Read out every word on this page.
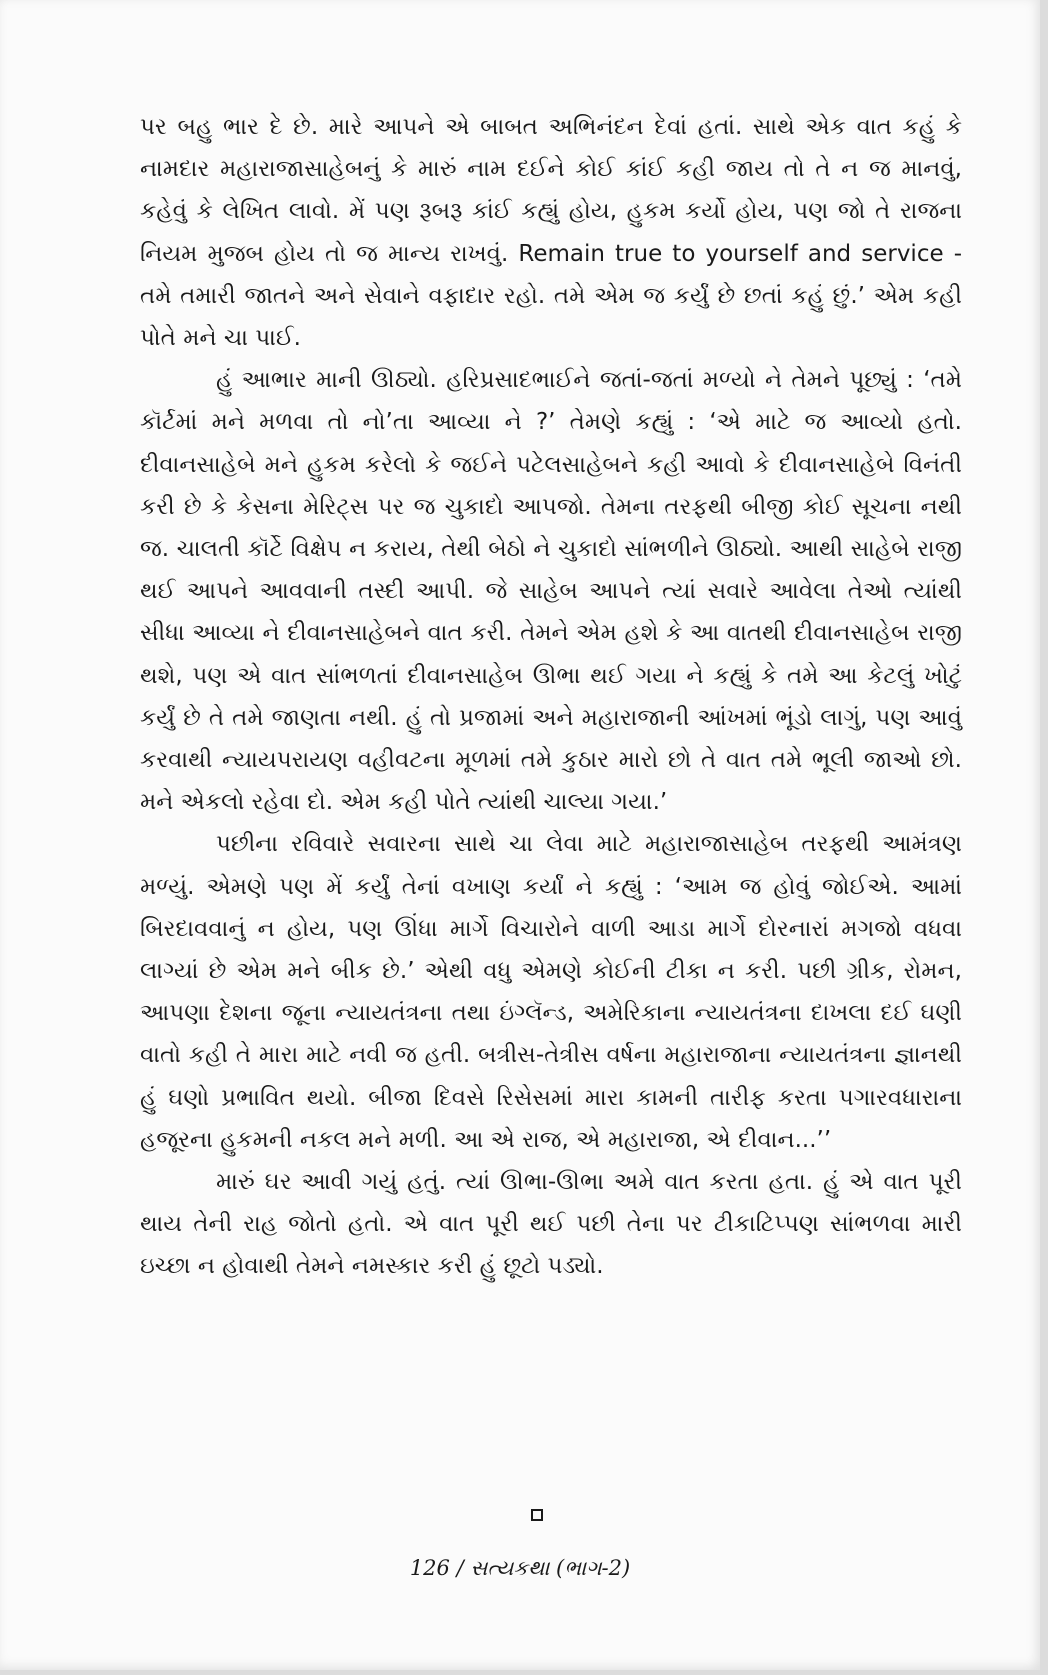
પર બહુ ભાર દે છે. મારે આપને એ બાબત અભિનંદન દેવાં હતાં. સાથે એક વાત કહું કે નામદાર મહારાજાસાહેબનું કે મારું નામ દઈને કોઈ કાંઈ કહી જાય તો તે ન જ માનવું, કહેવું કે લેખિત લાવો. મેં પણ રૂબરૂ કાંઈ કહ્યું હોય, હુકમ કર્યો હોય, પણ જો તે રાજના નિયમ મુજબ હોય તો જ માન્ય રાખવું. Remain true to yourself and service - તમે તમારી જાતને અને સેવાને વફાદાર રહો. તમે એમ જ કર્યું છે છતાં કહું છું.’ એમ કહી પોતે મને ચા પાઈ.

હું આભાર માની ઊઠ્યો. હરિપ્રસાદભાઈને જતાં-જતાં મળ્યો ને તેમને પૂછ્યું : ‘તમે કૉર્ટમાં મને મળવા તો નો’તા આવ્યા ને ?’ તેમણે કહ્યું : ‘એ માટે જ આવ્યો હતો. દીવાનસાહેબે મને હુકમ કરેલો કે જઈને પટેલસાહેબને કહી આવો કે દીવાનસાહેબે વિનંતી કરી છે કે કેસના મેરિટ્સ પર જ ચુકાદો આપજો. તેમના તરફથી બીજી કોઈ સૂચના નથી જ. ચાલતી કૉર્ટે વિક્ષેપ ન કરાય, તેથી બેઠો ને ચુકાદો સાંભળીને ઊઠ્યો. આથી સાહેબે રાજી થઈ આપને આવવાની તસ્દી આપી. જે સાહેબ આપને ત્યાં સવારે આવેલા તેઓ ત્યાંથી સીધા આવ્યા ને દીવાનસાહેબને વાત કરી. તેમને એમ હશે કે આ વાતથી દીવાનસાહેબ રાજી થશે, પણ એ વાત સાંભળતાં દીવાનસાહેબ ઊભા થઈ ગયા ને કહ્યું કે તમે આ કેટલું ખોટું કર્યું છે તે તમે જાણતા નથી. હું તો પ્રજામાં અને મહારાજાની આંખમાં ભૂંડો લાગું, પણ આવું કરવાથી ન્યાયપરાયણ વહીવટના મૂળમાં તમે કુઠાર મારો છો તે વાત તમે ભૂલી જાઓ છો. મને એકલો રહેવા દો. એમ કહી પોતે ત્યાંથી ચાલ્યા ગયા.’

પછીના રવિવારે સવારના સાથે ચા લેવા માટે મહારાજાસાહેબ તરફથી આમંત્રણ મળ્યું. એમણે પણ મેં કર્યું તેનાં વખાણ કર્યાં ને કહ્યું : ‘આમ જ હોવું જોઈએ. આમાં બિરદાવવાનું ન હોય, પણ ઊંધા માર્ગે વિચારોને વાળી આડા માર્ગે દોરનારાં મગજો વધવા લાગ્યાં છે એમ મને બીક છે.’ એથી વધુ એમણે કોઈની ટીકા ન કરી. પછી ગ્રીક, રોમન, આપણા દેશના જૂના ન્યાયતંત્રના તથા ઇંગ્લૅન્ડ, અમેરિકાના ન્યાયતંત્રના દાખલા દઈ ઘણી વાતો કહી તે મારા માટે નવી જ હતી. બત્રીસ-તેત્રીસ વર્ષના મહારાજાના ન્યાયતંત્રના જ્ઞાનથી હું ઘણો પ્રભાવિત થયો. બીજા દિવસે રિસેસમાં મારા કામની તારીફ કરતા પગારવધારાના હજૂરના હુકમની નકલ મને મળી. આ એ રાજ, એ મહારાજા, એ દીવાન...’’

મારું ઘર આવી ગયું હતું. ત્યાં ઊભા-ઊભા અમે વાત કરતા હતા. હું એ વાત પૂરી થાય તેની રાહ જોતો હતો. એ વાત પૂરી થઈ પછી તેના પર ટીકાટિપ્પણ સાંભળવા મારી ઇચ્છા ન હોવાથી તેમને નમસ્કાર કરી હું છૂટો પડ્યો.

126 / સત્યકથા (ભાગ-2)
